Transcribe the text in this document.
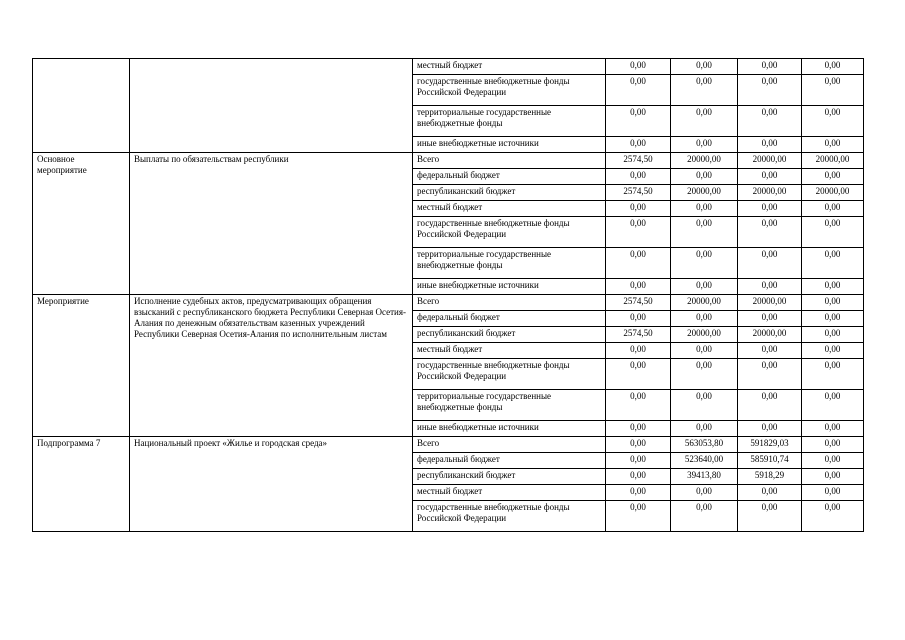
		местный бюджет	0,00	0,00	0,00	0,00
		государственные внебюджетные фонды Российской Федерации	0,00	0,00	0,00	0,00
		территориальные государственные внебюджетные фонды	0,00	0,00	0,00	0,00
		иные внебюджетные источники	0,00	0,00	0,00	0,00
Основное мероприятие	Выплаты по обязательствам республики	Всего	2574,50	20000,00	20000,00	20000,00
		федеральный бюджет	0,00	0,00	0,00	0,00
		республиканский бюджет	2574,50	20000,00	20000,00	20000,00
		местный бюджет	0,00	0,00	0,00	0,00
		государственные внебюджетные фонды Российской Федерации	0,00	0,00	0,00	0,00
		территориальные государственные внебюджетные фонды	0,00	0,00	0,00	0,00
		иные внебюджетные источники	0,00	0,00	0,00	0,00
Мероприятие	Исполнение судебных актов, предусматривающих обращения взысканий с республиканского бюджета Республики Северная Осетия-Алания по денежным обязательствам казенных учреждений Республики Северная Осетия-Алания по исполнительным листам	Всего	2574,50	20000,00	20000,00	0,00
		федеральный бюджет	0,00	0,00	0,00	0,00
		республиканский бюджет	2574,50	20000,00	20000,00	0,00
		местный бюджет	0,00	0,00	0,00	0,00
		государственные внебюджетные фонды Российской Федерации	0,00	0,00	0,00	0,00
		территориальные государственные внебюджетные фонды	0,00	0,00	0,00	0,00
		иные внебюджетные источники	0,00	0,00	0,00	0,00
Подпрограмма 7	Национальный проект «Жилье и городская среда»	Всего	0,00	563053,80	591829,03	0,00
		федеральный бюджет	0,00	523640,00	585910,74	0,00
		республиканский бюджет	0,00	39413,80	5918,29	0,00
		местный бюджет	0,00	0,00	0,00	0,00
		государственные внебюджетные фонды Российской Федерации	0,00	0,00	0,00	0,00
